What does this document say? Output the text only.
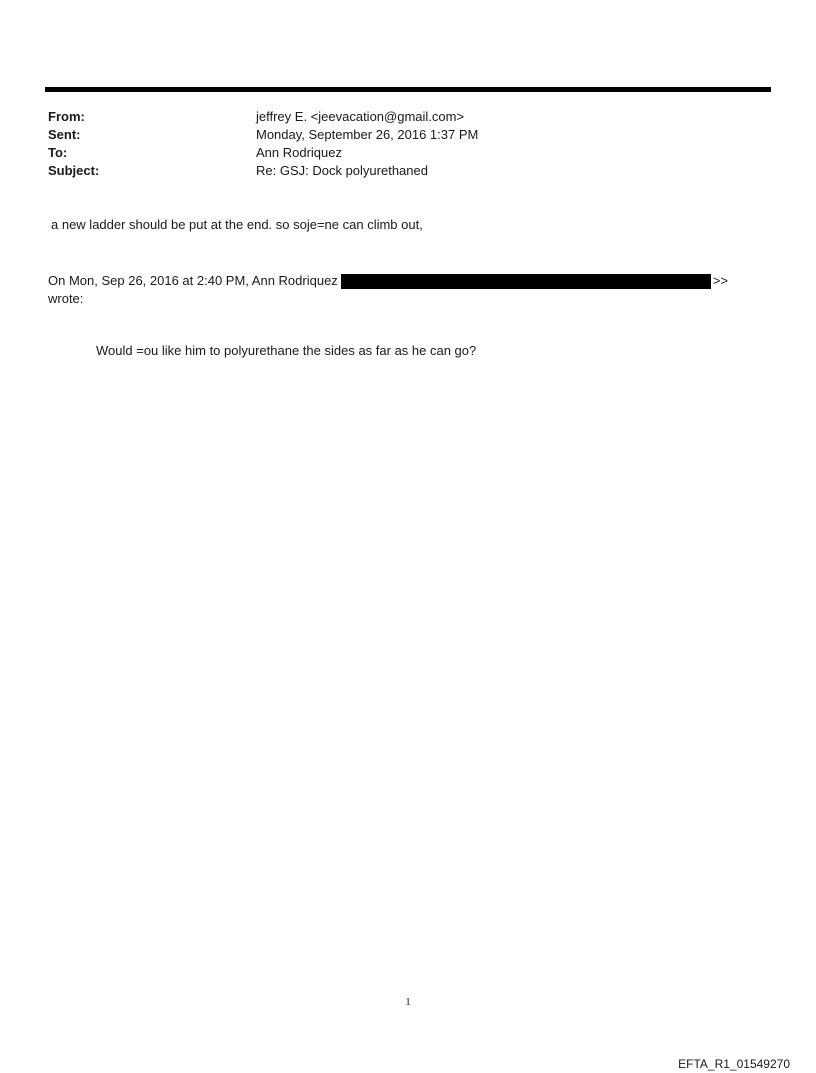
From:	jeffrey E. <jeevacation@gmail.com>
Sent:	Monday, September 26, 2016 1:37 PM
To:	Ann Rodriquez
Subject:	Re: GSJ: Dock polyurethaned
a new ladder should be put at the end. so soje=ne can climb out,
On Mon, Sep 26, 2016 at 2:40 PM, Ann Rodriquez	>>
wrote:
Would =ou like him to polyurethane the sides as far as he can go?
1
EFTA_R1_01549270
